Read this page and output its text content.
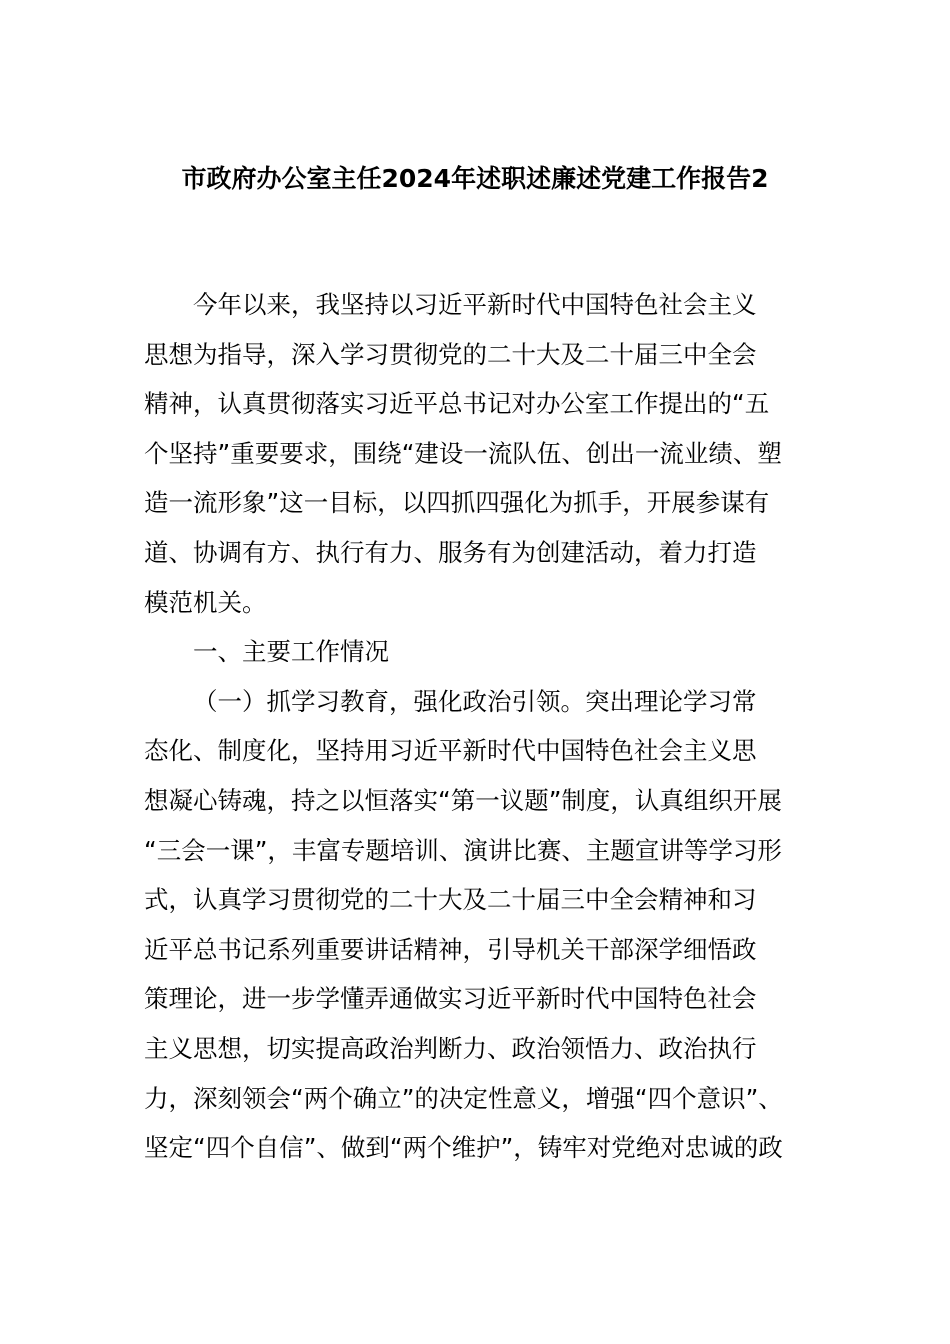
市政府办公室主任2024年述职述廉述党建工作报告2
今年以来，我坚持以习近平新时代中国特色社会主义
思想为指导，深入学习贯彻党的二十大及二十届三中全会
精神，认真贯彻落实习近平总书记对办公室工作提出的“五
个坚持”重要要求，围绕“建设一流队伍、创出一流业绩、塑
造一流形象”这一目标，以四抓四强化为抓手，开展参谋有
道、协调有方、执行有力、服务有为创建活动，着力打造
模范机关。
一、主要工作情况
（一）抓学习教育，强化政治引领。突出理论学习常
态化、制度化，坚持用习近平新时代中国特色社会主义思
想凝心铸魂，持之以恒落实“第一议题”制度，认真组织开展
“三会一课”，丰富专题培训、演讲比赛、主题宣讲等学习形
式，认真学习贯彻党的二十大及二十届三中全会精神和习
近平总书记系列重要讲话精神，引导机关干部深学细悟政
策理论，进一步学懂弄通做实习近平新时代中国特色社会
主义思想，切实提高政治判断力、政治领悟力、政治执行
力，深刻领会“两个确立”的决定性意义，增强“四个意识”、
坚定“四个自信”、做到“两个维护”，铸牢对党绝对忠诚的政
